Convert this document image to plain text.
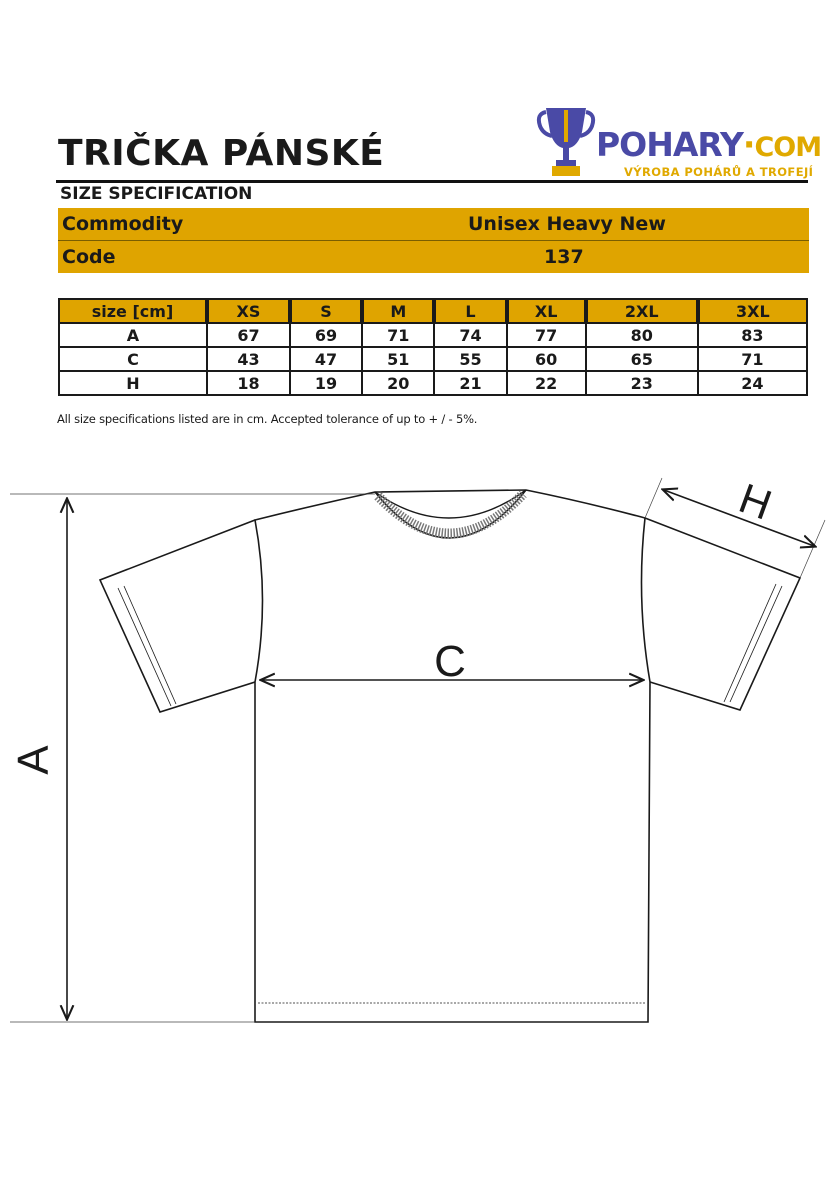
TRIČKA PÁNSKÉ
SIZE SPECIFICATION
POHARY·COM
VÝROBA POHÁRŮ A TROFEJÍ
Commodity	Unisex Heavy New
Code	137
size [cm]	XS	S	M	L	XL	2XL	3XL
A	67	69	71	74	77	80	83
C	43	47	51	55	60	65	71
H	18	19	20	21	22	23	24
All size specifications listed are in cm. Accepted tolerance of up to + / - 5%.
A
C
H
